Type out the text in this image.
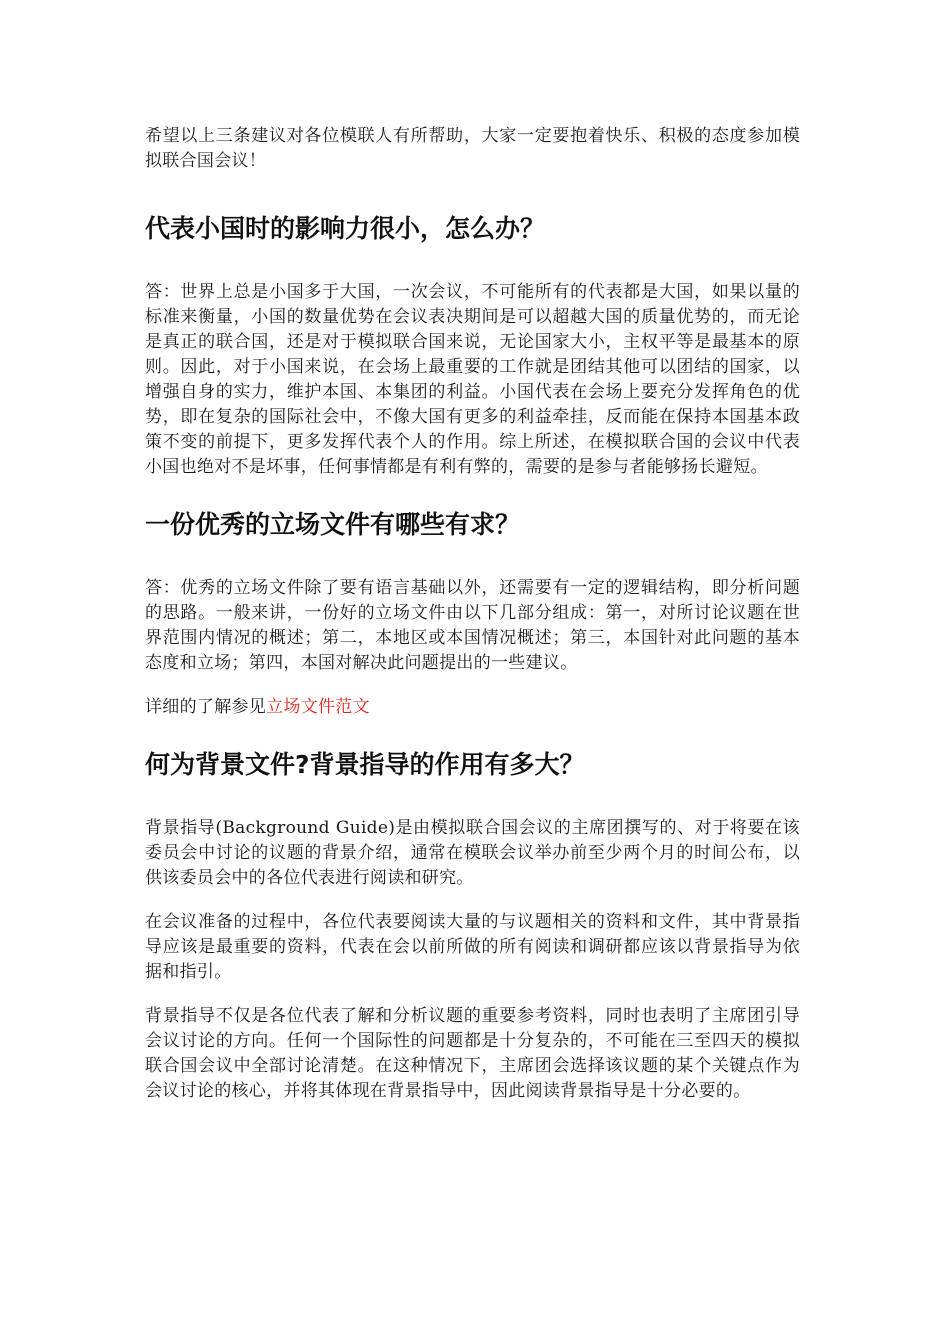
希望以上三条建议对各位模联人有所帮助，大家一定要抱着快乐、积极的态度参加模拟联合国会议！

代表小国时的影响力很小，怎么办？

答：世界上总是小国多于大国，一次会议，不可能所有的代表都是大国，如果以量的标准来衡量，小国的数量优势在会议表决期间是可以超越大国的质量优势的，而无论是真正的联合国，还是对于模拟联合国来说，无论国家大小，主权平等是最基本的原则。因此，对于小国来说，在会场上最重要的工作就是团结其他可以团结的国家，以增强自身的实力，维护本国、本集团的利益。小国代表在会场上要充分发挥角色的优势，即在复杂的国际社会中，不像大国有更多的利益牵挂，反而能在保持本国基本政策不变的前提下，更多发挥代表个人的作用。综上所述，在模拟联合国的会议中代表小国也绝对不是坏事，任何事情都是有利有弊的，需要的是参与者能够扬长避短。

一份优秀的立场文件有哪些有求？

答：优秀的立场文件除了要有语言基础以外，还需要有一定的逻辑结构，即分析问题的思路。一般来讲，一份好的立场文件由以下几部分组成：第一，对所讨论议题在世界范围内情况的概述；第二，本地区或本国情况概述；第三，本国针对此问题的基本态度和立场；第四，本国对解决此问题提出的一些建议。

详细的了解参见立场文件范文

何为背景文件?背景指导的作用有多大？

背景指导(Background Guide)是由模拟联合国会议的主席团撰写的、对于将要在该委员会中讨论的议题的背景介绍，通常在模联会议举办前至少两个月的时间公布，以供该委员会中的各位代表进行阅读和研究。

在会议准备的过程中，各位代表要阅读大量的与议题相关的资料和文件，其中背景指导应该是最重要的资料，代表在会以前所做的所有阅读和调研都应该以背景指导为依据和指引。

背景指导不仅是各位代表了解和分析议题的重要参考资料，同时也表明了主席团引导会议讨论的方向。任何一个国际性的问题都是十分复杂的，不可能在三至四天的模拟联合国会议中全部讨论清楚。在这种情况下，主席团会选择该议题的某个关键点作为会议讨论的核心，并将其体现在背景指导中，因此阅读背景指导是十分必要的。
